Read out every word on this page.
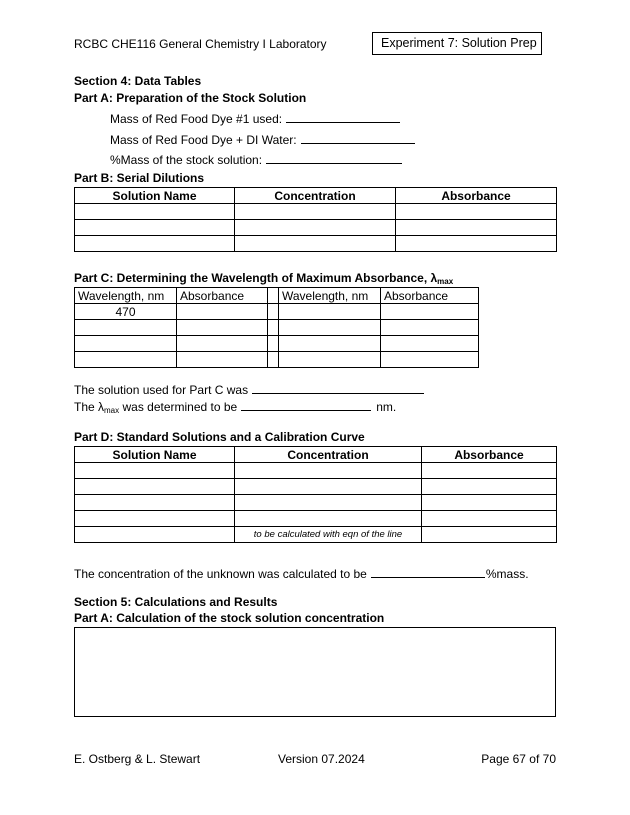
RCBC CHE116 General Chemistry I Laboratory	Experiment 7: Solution Prep
Section 4: Data Tables
Part A: Preparation of the Stock Solution
Mass of Red Food Dye #1 used:
Mass of Red Food Dye + DI Water:
%Mass of the stock solution:
Part B: Serial Dilutions
Solution Name	Concentration	Absorbance

Part C: Determining the Wavelength of Maximum Absorbance, $\lambda_{max}$
Wavelength, nm	Absorbance		Wavelength, nm	Absorbance
470				

The solution used for Part C was
The $\lambda_{max}$ was determined to be	nm.
Part D: Standard Solutions and a Calibration Curve
Solution Name	Concentration	Absorbance

	to be calculated with eqn of the line	
The concentration of the unknown was calculated to be	%mass.
Section 5: Calculations and Results
Part A: Calculation of the stock solution concentration
E. Ostberg & L. Stewart	Version 07.2024	Page 67 of 70
